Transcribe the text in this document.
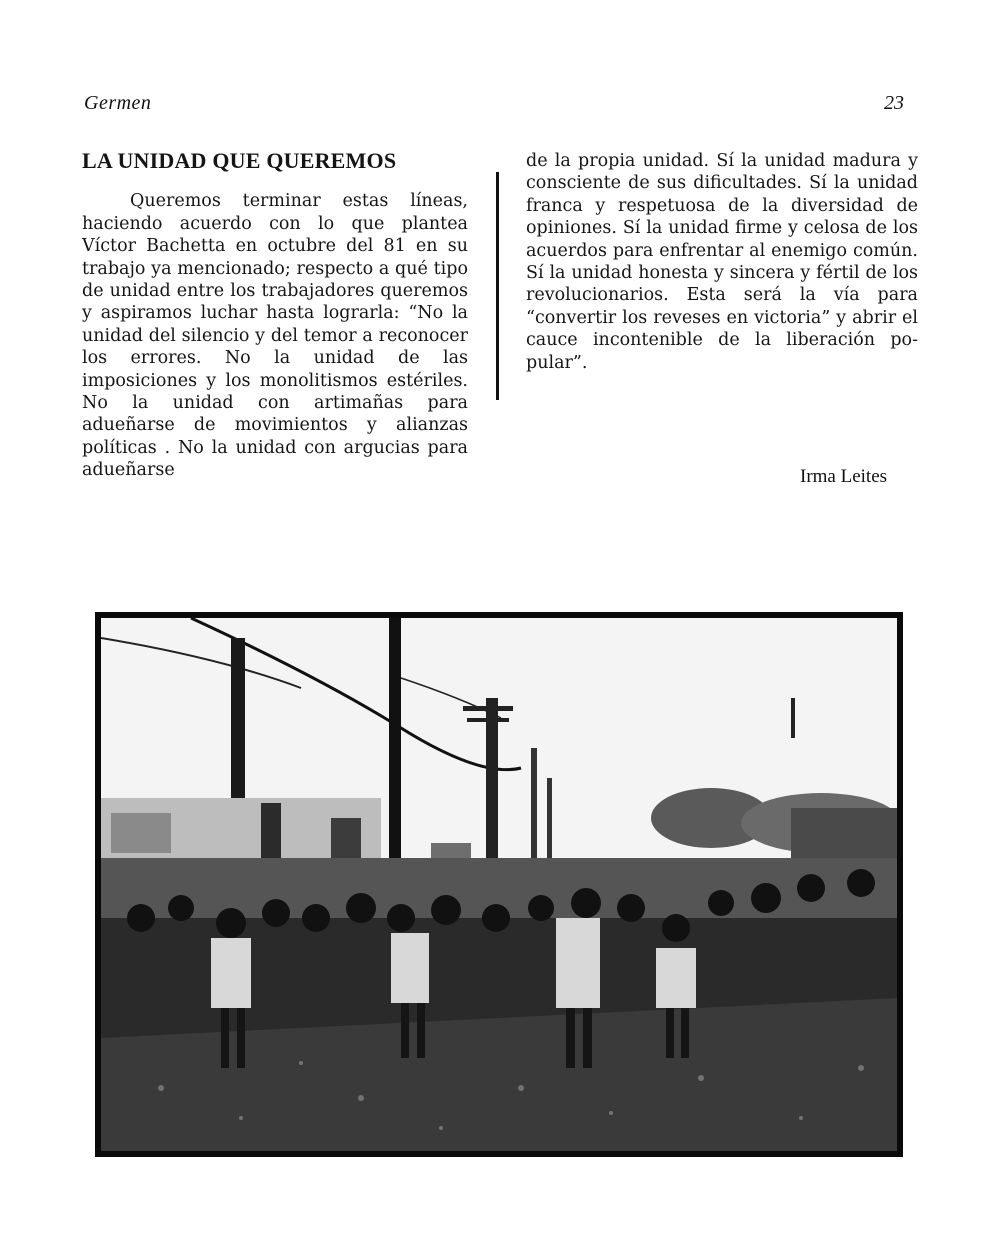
Germen	23
LA UNIDAD QUE QUEREMOS

Queremos terminar estas líneas, haciendo acuerdo con lo que plantea Víctor Bachetta en octubre del 81 en su trabajo ya mencionado; respecto a qué tipo de unidad entre los trabajadores queremos y aspiramos luchar hasta lograrla: “No la unidad del silencio y del temor a reconocer los errores. No la unidad de las imposiciones y los monolitismos estériles. No la unidad con artimañas para adueñarse de movimientos y alianzas políticas . No la unidad con argucias para adueñarse

de la propia unidad. Sí la unidad madura y consciente de sus dificultades. Sí la unidad franca y respetuosa de la diversidad de opiniones. Sí la unidad firme y celosa de los acuerdos para enfrentar al enemigo común. Sí la unidad honesta y sincera y fértil de los revolucionarios. Esta será la vía para “convertir los reveses en victoria” y abrir el cauce incontenible de la liberación popular”.

Irma Leites
